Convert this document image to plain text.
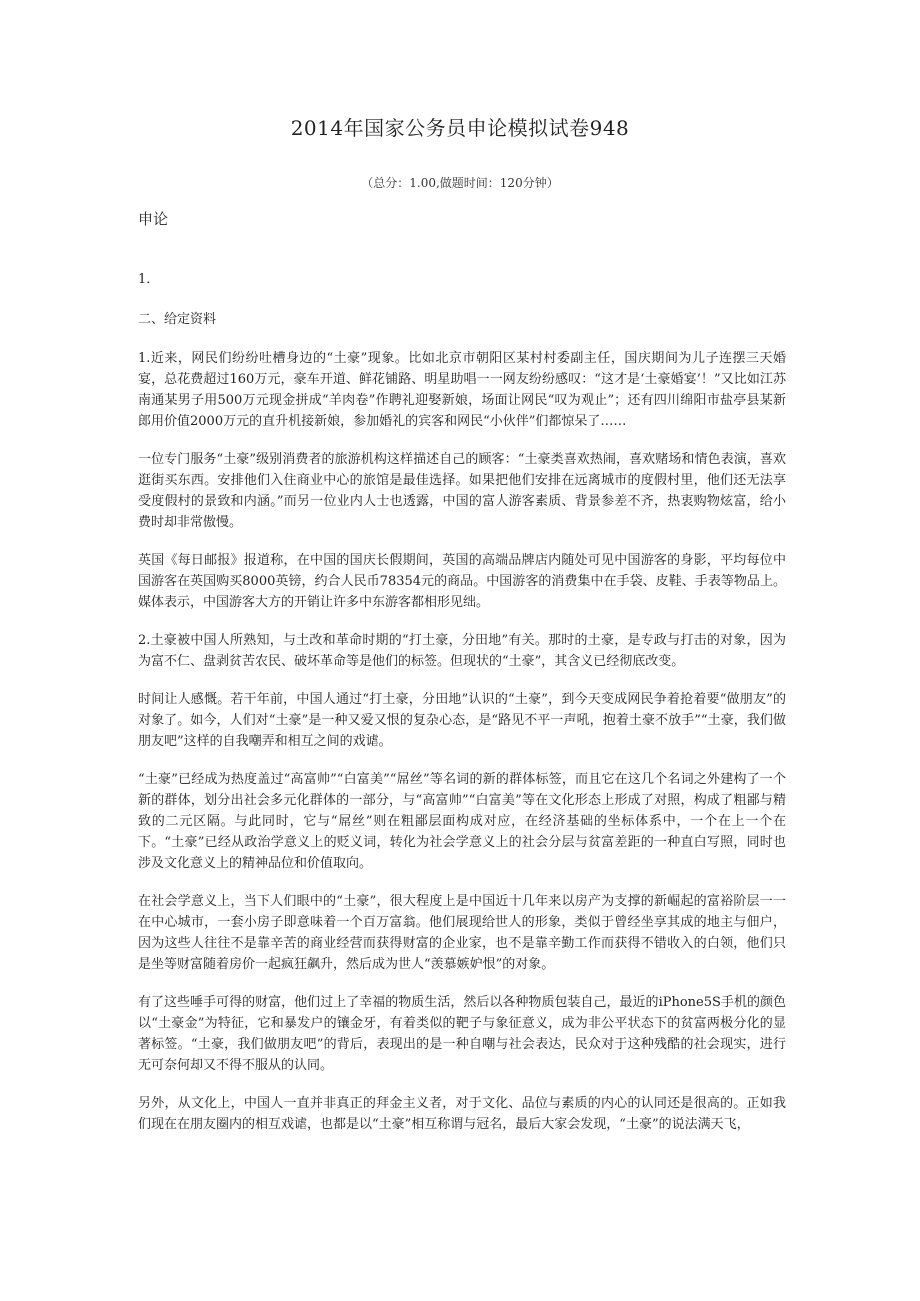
2014年国家公务员申论模拟试卷948
（总分：1.00,做题时间：120分钟）
申论
1．
二、给定资料

1.近来，网民们纷纷吐槽身边的“土豪”现象。比如北京市朝阳区某村村委副主任，国庆期间为儿子连摆三天婚宴，总花费超过160万元，豪车开道、鲜花铺路、明星助唱一一网友纷纷感叹：“这才是‘土豪婚宴’！”又比如江苏南通某男子用500万元现金拼成“羊肉卷”作聘礼迎娶新娘，场面让网民“叹为观止”；还有四川绵阳市盐亭县某新郎用价值2000万元的直升机接新娘，参加婚礼的宾客和网民“小伙伴”们都惊呆了……

一位专门服务“土豪”级别消费者的旅游机构这样描述自己的顾客：“土豪类喜欢热闹，喜欢赌场和情色表演，喜欢逛街买东西。安排他们入住商业中心的旅馆是最佳选择。如果把他们安排在远离城市的度假村里，他们还无法享受度假村的景致和内涵。”而另一位业内人士也透露，中国的富人游客素质、背景参差不齐，热衷购物炫富，给小费时却非常傲慢。

英国《每日邮报》报道称，在中国的国庆长假期间，英国的高端品牌店内随处可见中国游客的身影，平均每位中国游客在英国购买8000英镑，约合人民币78354元的商品。中国游客的消费集中在手袋、皮鞋、手表等物品上。媒体表示，中国游客大方的开销让许多中东游客都相形见绌。

2.土豪被中国人所熟知，与土改和革命时期的“打土豪，分田地”有关。那时的土豪，是专政与打击的对象，因为为富不仁、盘剥贫苦农民、破坏革命等是他们的标签。但现状的“土豪”，其含义已经彻底改变。

时间让人感慨。若干年前，中国人通过“打土豪，分田地”认识的“土豪”，到今天变成网民争着抢着要“做朋友”的对象了。如今，人们对“土豪”是一种又爱又恨的复杂心态，是“路见不平一声吼，抱着土豪不放手”“土豪，我们做朋友吧”这样的自我嘲弄和相互之间的戏谑。

“土豪”已经成为热度盖过“高富帅”“白富美”“屌丝”等名词的新的群体标签，而且它在这几个名词之外建构了一个新的群体，划分出社会多元化群体的一部分，与“高富帅”“白富美”等在文化形态上形成了对照，构成了粗鄙与精致的二元区隔。与此同时，它与“屌丝”则在粗鄙层面构成对应，在经济基础的坐标体系中，一个在上一个在下。“土豪”已经从政治学意义上的贬义词，转化为社会学意义上的社会分层与贫富差距的一种直白写照，同时也涉及文化意义上的精神品位和价值取向。

在社会学意义上，当下人们眼中的“土豪”，很大程度上是中国近十几年来以房产为支撑的新崛起的富裕阶层一一在中心城市，一套小房子即意味着一个百万富翁。他们展现给世人的形象，类似于曾经坐享其成的地主与佃户，因为这些人往往不是靠辛苦的商业经营而获得财富的企业家，也不是靠辛勤工作而获得不错收入的白领，他们只是坐等财富随着房价一起疯狂飙升，然后成为世人“羡慕嫉妒恨”的对象。

有了这些唾手可得的财富，他们过上了幸福的物质生活，然后以各种物质包装自己，最近的iPhone5S手机的颜色以“土豪金”为特征，它和暴发户的镶金牙，有着类似的靶子与象征意义，成为非公平状态下的贫富两极分化的显著标签。“土豪，我们做朋友吧”的背后，表现出的是一种自嘲与社会表达，民众对于这种残酷的社会现实，进行无可奈何却又不得不服从的认同。

另外，从文化上，中国人一直并非真正的拜金主义者，对于文化、品位与素质的内心的认同还是很高的。正如我们现在在朋友圈内的相互戏谑，也都是以“土豪”相互称谓与冠名，最后大家会发现，“土豪”的说法满天飞，
